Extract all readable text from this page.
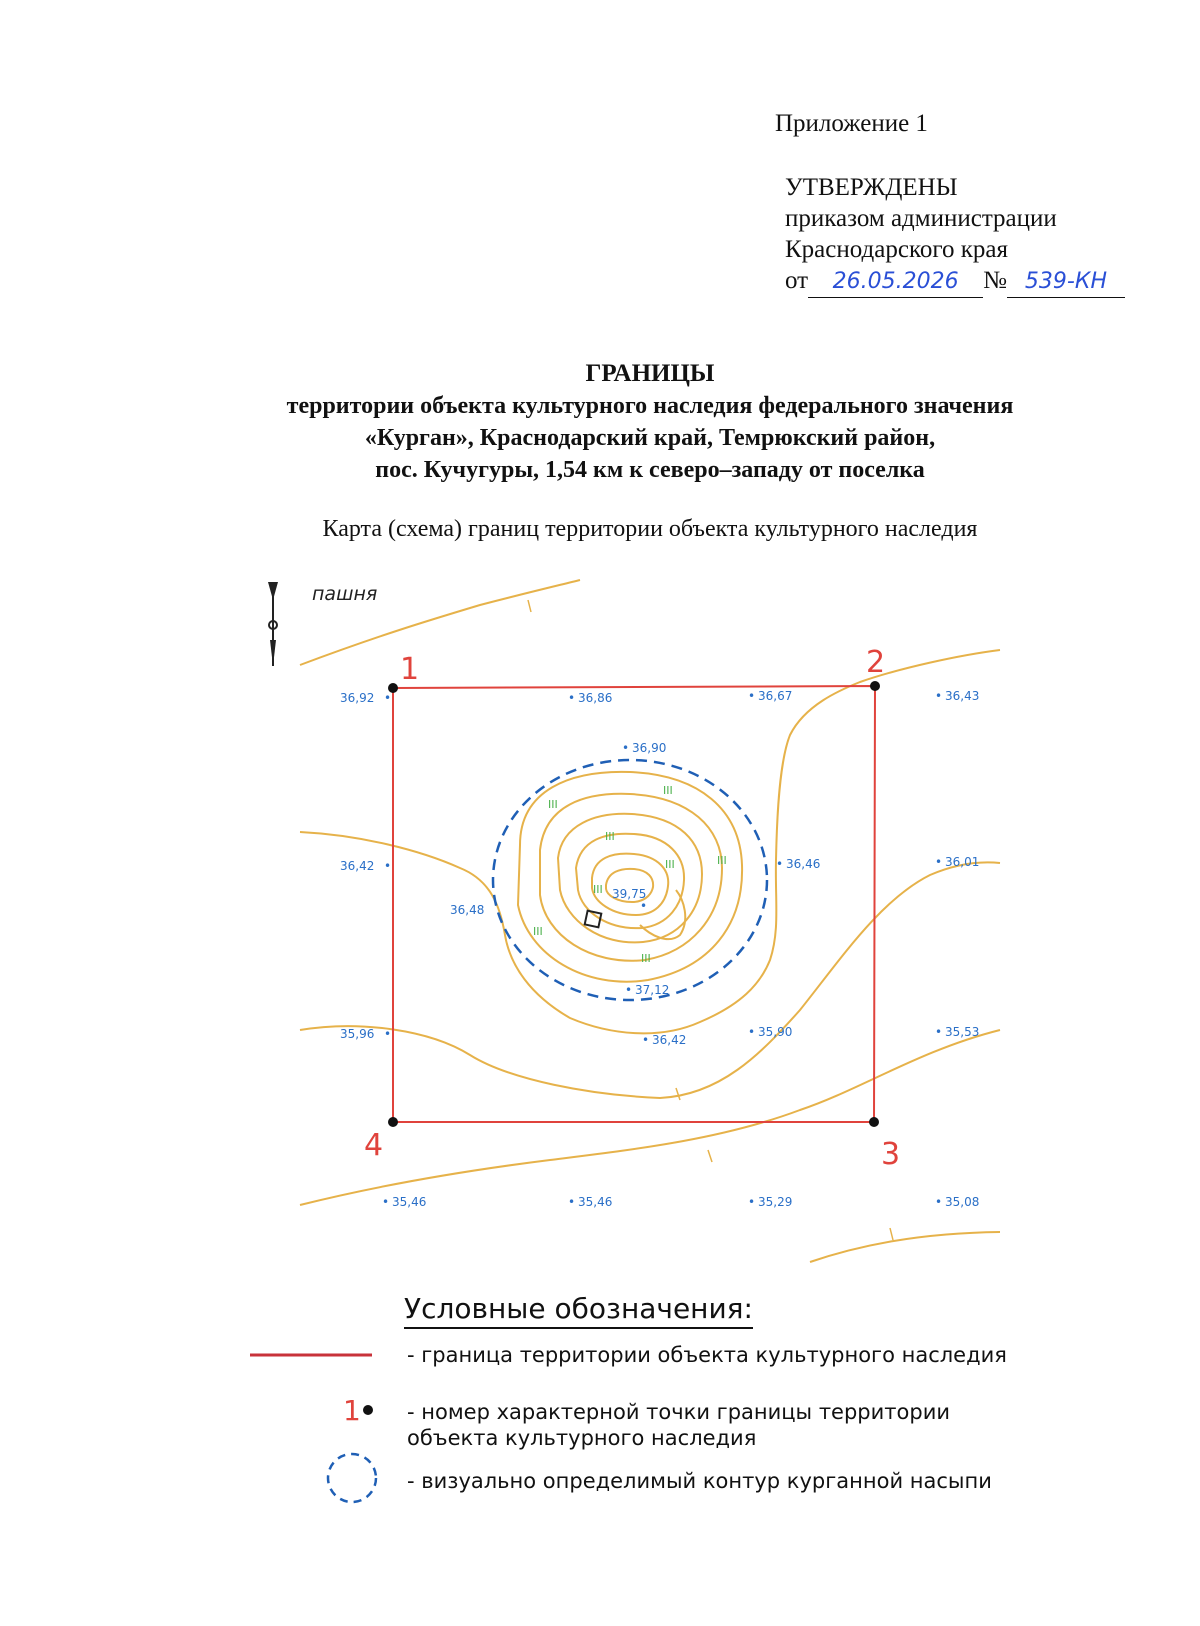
Приложение 1
УТВЕРЖДЕНЫ
приказом администрации
Краснодарского края
от 26.05.2026 № 539-КН
ГРАНИЦЫ
территории объекта культурного наследия федерального значения
«Курган», Краснодарский край, Темрюкский район,
пос. Кучугуры, 1,54 км к северо–западу от поселка
Карта (схема) границ территории объекта культурного наследия
пашня
III
III
III
III
III
III
III
III
1	2
3
4
36,92 •	• 36,86	• 36,67	• 36,43
• 36,90
36,42 •	• 36,46	• 36,01
36,48
39,75
•
• 37,12
35,96 •	• 36,42
• 35,90	• 35,53
• 35,46	• 35,46	• 35,29	• 35,08
1
Условные обозначения:
- граница территории объекта культурного наследия
- номер характерной точки границы территории объекта культурного наследия
- визуально определимый контур курганной насыпи
